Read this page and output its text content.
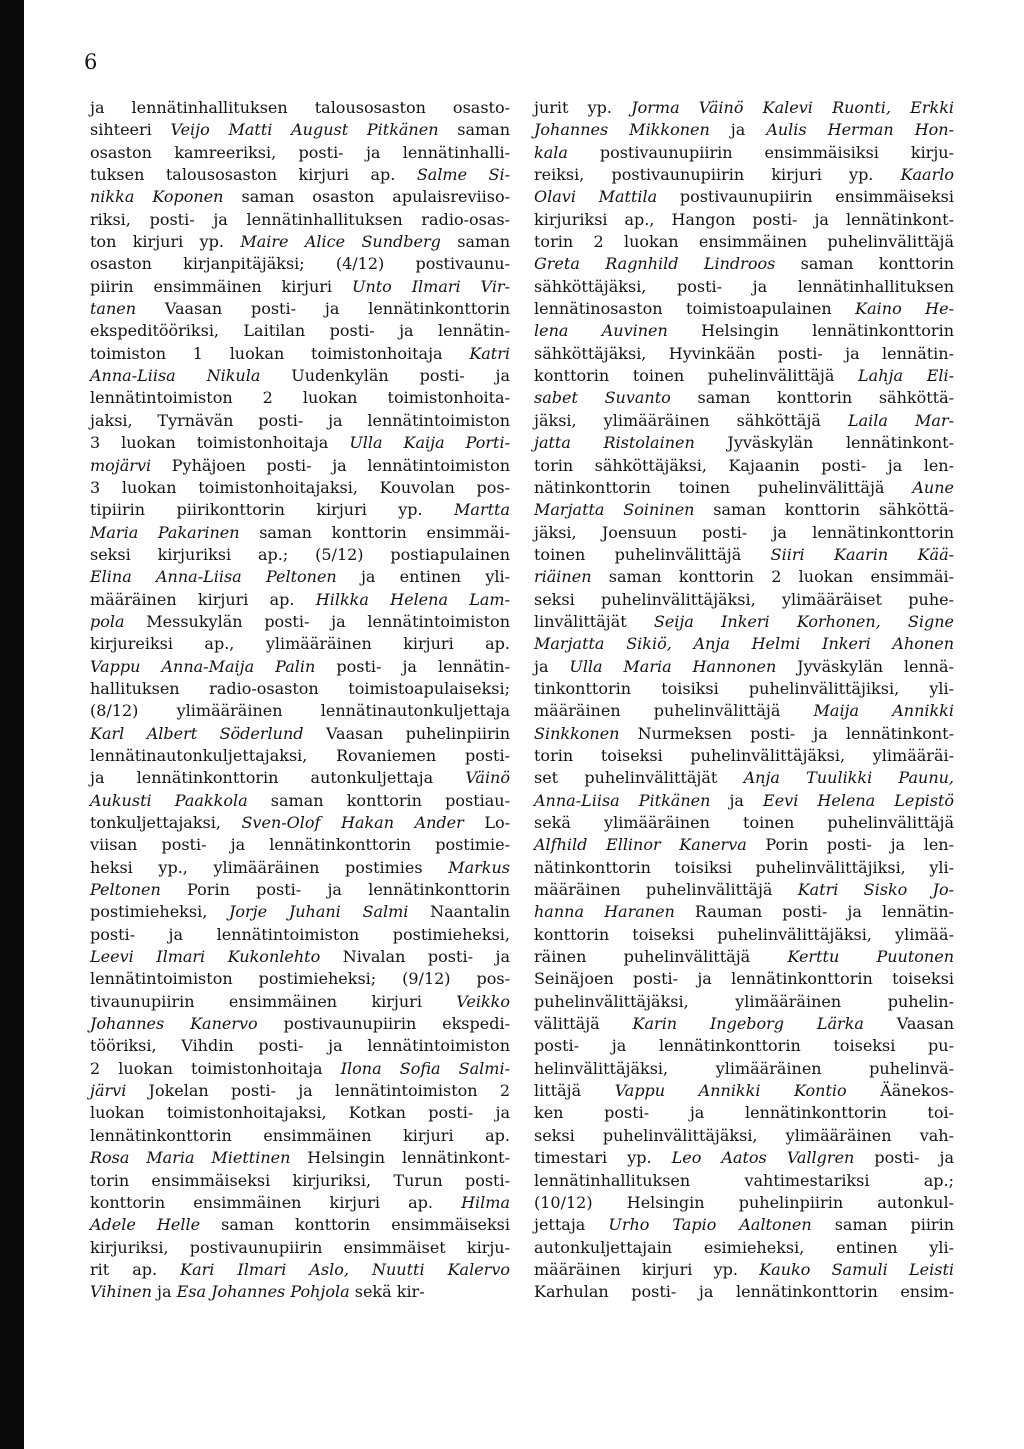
6
ja lennätinhallituksen talousosaston osasto-
sihteeri Veijo Matti August Pitkänen saman
osaston kamreeriksi, posti- ja lennätinhalli-
tuksen talousosaston kirjuri ap. Salme Si-
nikka Koponen saman osaston apulaisreviiso-
riksi, posti- ja lennätinhallituksen radio-osas-
ton kirjuri yp. Maire Alice Sundberg saman
osaston kirjanpitäjäksi; (4/12) postivaunu-
piirin ensimmäinen kirjuri Unto Ilmari Vir-
tanen Vaasan posti- ja lennätinkonttorin
ekspeditööriksi, Laitilan posti- ja lennätin-
toimiston 1 luokan toimistonhoitaja Katri
Anna-Liisa Nikula Uudenkylän posti- ja
lennätintoimiston 2 luokan toimistonhoita-
jaksi, Tyrnävän posti- ja lennätintoimiston
3 luokan toimistonhoitaja Ulla Kaija Porti-
mojärvi Pyhäjoen posti- ja lennätintoimiston
3 luokan toimistonhoitajaksi, Kouvolan pos-
tipiirin piirikonttorin kirjuri yp. Martta
Maria Pakarinen saman konttorin ensimmäi-
seksi kirjuriksi ap.; (5/12) postiapulainen
Elina Anna-Liisa Peltonen ja entinen yli-
määräinen kirjuri ap. Hilkka Helena Lam-
pola Messukylän posti- ja lennätintoimiston
kirjureiksi ap., ylimääräinen kirjuri ap.
Vappu Anna-Maija Palin posti- ja lennätin-
hallituksen radio-osaston toimistoapulaiseksi;
(8/12) ylimääräinen lennätinautonkuljettaja
Karl Albert Söderlund Vaasan puhelinpiirin
lennätinautonkuljettajaksi, Rovaniemen posti-
ja lennätinkonttorin autonkuljettaja Väinö
Aukusti Paakkola saman konttorin postiau-
tonkuljettajaksi, Sven-Olof Hakan Ander Lo-
viisan posti- ja lennätinkonttorin postimie-
heksi yp., ylimääräinen postimies Markus
Peltonen Porin posti- ja lennätinkonttorin
postimieheksi, Jorje Juhani Salmi Naantalin
posti- ja lennätintoimiston postimieheksi,
Leevi Ilmari Kukonlehto Nivalan posti- ja
lennätintoimiston postimieheksi; (9/12) pos-
tivaunupiirin ensimmäinen kirjuri Veikko
Johannes Kanervo postivaunupiirin ekspedi-
tööriksi, Vihdin posti- ja lennätintoimiston
2 luokan toimistonhoitaja Ilona Sofia Salmi-
järvi Jokelan posti- ja lennätintoimiston 2
luokan toimistonhoitajaksi, Kotkan posti- ja
lennätinkonttorin ensimmäinen kirjuri ap.
Rosa Maria Miettinen Helsingin lennätinkont-
torin ensimmäiseksi kirjuriksi, Turun posti-
konttorin ensimmäinen kirjuri ap. Hilma
Adele Helle saman konttorin ensimmäiseksi
kirjuriksi, postivaunupiirin ensimmäiset kirju-
rit ap. Kari Ilmari Aslo, Nuutti Kalervo
Vihinen ja Esa Johannes Pohjola sekä kir-
jurit yp. Jorma Väinö Kalevi Ruonti, Erkki
Johannes Mikkonen ja Aulis Herman Hon-
kala postivaunupiirin ensimmäisiksi kirju-
reiksi, postivaunupiirin kirjuri yp. Kaarlo
Olavi Mattila postivaunupiirin ensimmäiseksi
kirjuriksi ap., Hangon posti- ja lennätinkont-
torin 2 luokan ensimmäinen puhelinvälittäjä
Greta Ragnhild Lindroos saman konttorin
sähköttäjäksi, posti- ja lennätinhallituksen
lennätinosaston toimistoapulainen Kaino He-
lena Auvinen Helsingin lennätinkonttorin
sähköttäjäksi, Hyvinkään posti- ja lennätin-
konttorin toinen puhelinvälittäjä Lahja Eli-
sabet Suvanto saman konttorin sähköttä-
jäksi, ylimääräinen sähköttäjä Laila Mar-
jatta Ristolainen Jyväskylän lennätinkont-
torin sähköttäjäksi, Kajaanin posti- ja len-
nätinkonttorin toinen puhelinvälittäjä Aune
Marjatta Soininen saman konttorin sähköttä-
jäksi, Joensuun posti- ja lennätinkonttorin
toinen puhelinvälittäjä Siiri Kaarin Kää-
riäinen saman konttorin 2 luokan ensimmäi-
seksi puhelinvälittäjäksi, ylimääräiset puhe-
linvälittäjät Seija Inkeri Korhonen, Signe
Marjatta Sikiö, Anja Helmi Inkeri Ahonen
ja Ulla Maria Hannonen Jyväskylän lennä-
tinkonttorin toisiksi puhelinvälittäjiksi, yli-
määräinen puhelinvälittäjä Maija Annikki
Sinkkonen Nurmeksen posti- ja lennätinkont-
torin toiseksi puhelinvälittäjäksi, ylimääräi-
set puhelinvälittäjät Anja Tuulikki Paunu,
Anna-Liisa Pitkänen ja Eevi Helena Lepistö
sekä ylimääräinen toinen puhelinvälittäjä
Alfhild Ellinor Kanerva Porin posti- ja len-
nätinkonttorin toisiksi puhelinvälittäjiksi, yli-
määräinen puhelinvälittäjä Katri Sisko Jo-
hanna Haranen Rauman posti- ja lennätin-
konttorin toiseksi puhelinvälittäjäksi, ylimää-
räinen puhelinvälittäjä Kerttu Puutonen
Seinäjoen posti- ja lennätinkonttorin toiseksi
puhelinvälittäjäksi, ylimääräinen puhelin-
välittäjä Karin Ingeborg Lärka Vaasan
posti- ja lennätinkonttorin toiseksi pu-
helinvälittäjäksi, ylimääräinen puhelinvä-
littäjä Vappu Annikki Kontio Äänekos-
ken posti- ja lennätinkonttorin toi-
seksi puhelinvälittäjäksi, ylimääräinen vah-
timestari yp. Leo Aatos Vallgren posti- ja
lennätinhallituksen vahtimestariksi ap.;
(10/12) Helsingin puhelinpiirin autonkul-
jettaja Urho Tapio Aaltonen saman piirin
autonkuljettajain esimieheksi, entinen yli-
määräinen kirjuri yp. Kauko Samuli Leisti
Karhulan posti- ja lennätinkonttorin ensim-
